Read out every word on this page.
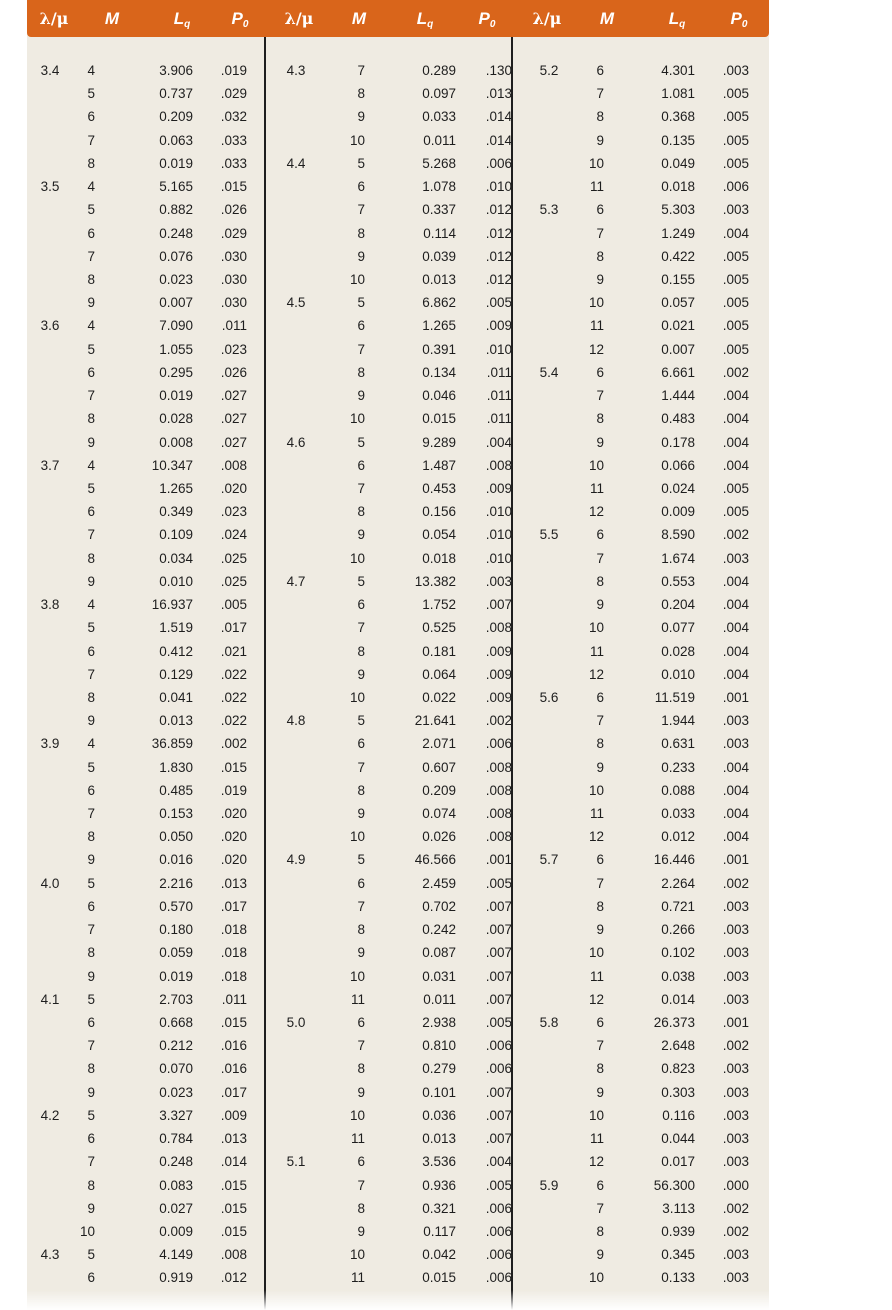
λ/μ	M	$L_q$	$P_0$	λ/μ	M	$L_q$	$P_0$	λ/μ	M	$L_q$	$P_0$
3.4	4	3.906	.019
5	0.737	.029
6	0.209	.032
7	0.063	.033
8	0.019	.033
3.5	4	5.165	.015
5	0.882	.026
6	0.248	.029
7	0.076	.030
8	0.023	.030
9	0.007	.030
3.6	4	7.090	.011
5	1.055	.023
6	0.295	.026
7	0.019	.027
8	0.028	.027
9	0.008	.027
3.7	4	10.347	.008
5	1.265	.020
6	0.349	.023
7	0.109	.024
8	0.034	.025
9	0.010	.025
3.8	4	16.937	.005
5	1.519	.017
6	0.412	.021
7	0.129	.022
8	0.041	.022
9	0.013	.022
3.9	4	36.859	.002
5	1.830	.015
6	0.485	.019
7	0.153	.020
8	0.050	.020
9	0.016	.020
4.0	5	2.216	.013
6	0.570	.017
7	0.180	.018
8	0.059	.018
9	0.019	.018
4.1	5	2.703	.011
6	0.668	.015
7	0.212	.016
8	0.070	.016
9	0.023	.017
4.2	5	3.327	.009
6	0.784	.013
7	0.248	.014
8	0.083	.015
9	0.027	.015
10	0.009	.015
4.3	5	4.149	.008
6	0.919	.012
4.3	7	0.289	.130
8	0.097	.013
9	0.033	.014
10	0.011	.014
4.4	5	5.268	.006
6	1.078	.010
7	0.337	.012
8	0.114	.012
9	0.039	.012
10	0.013	.012
4.5	5	6.862	.005
6	1.265	.009
7	0.391	.010
8	0.134	.011
9	0.046	.011
10	0.015	.011
4.6	5	9.289	.004
6	1.487	.008
7	0.453	.009
8	0.156	.010
9	0.054	.010
10	0.018	.010
4.7	5	13.382	.003
6	1.752	.007
7	0.525	.008
8	0.181	.009
9	0.064	.009
10	0.022	.009
4.8	5	21.641	.002
6	2.071	.006
7	0.607	.008
8	0.209	.008
9	0.074	.008
10	0.026	.008
4.9	5	46.566	.001
6	2.459	.005
7	0.702	.007
8	0.242	.007
9	0.087	.007
10	0.031	.007
11	0.011	.007
5.0	6	2.938	.005
7	0.810	.006
8	0.279	.006
9	0.101	.007
10	0.036	.007
11	0.013	.007
5.1	6	3.536	.004
7	0.936	.005
8	0.321	.006
9	0.117	.006
10	0.042	.006
11	0.015	.006
5.2	6	4.301	.003
7	1.081	.005
8	0.368	.005
9	0.135	.005
10	0.049	.005
11	0.018	.006
5.3	6	5.303	.003
7	1.249	.004
8	0.422	.005
9	0.155	.005
10	0.057	.005
11	0.021	.005
12	0.007	.005
5.4	6	6.661	.002
7	1.444	.004
8	0.483	.004
9	0.178	.004
10	0.066	.004
11	0.024	.005
12	0.009	.005
5.5	6	8.590	.002
7	1.674	.003
8	0.553	.004
9	0.204	.004
10	0.077	.004
11	0.028	.004
12	0.010	.004
5.6	6	11.519	.001
7	1.944	.003
8	0.631	.003
9	0.233	.004
10	0.088	.004
11	0.033	.004
12	0.012	.004
5.7	6	16.446	.001
7	2.264	.002
8	0.721	.003
9	0.266	.003
10	0.102	.003
11	0.038	.003
12	0.014	.003
5.8	6	26.373	.001
7	2.648	.002
8	0.823	.003
9	0.303	.003
10	0.116	.003
11	0.044	.003
12	0.017	.003
5.9	6	56.300	.000
7	3.113	.002
8	0.939	.002
9	0.345	.003
10	0.133	.003
